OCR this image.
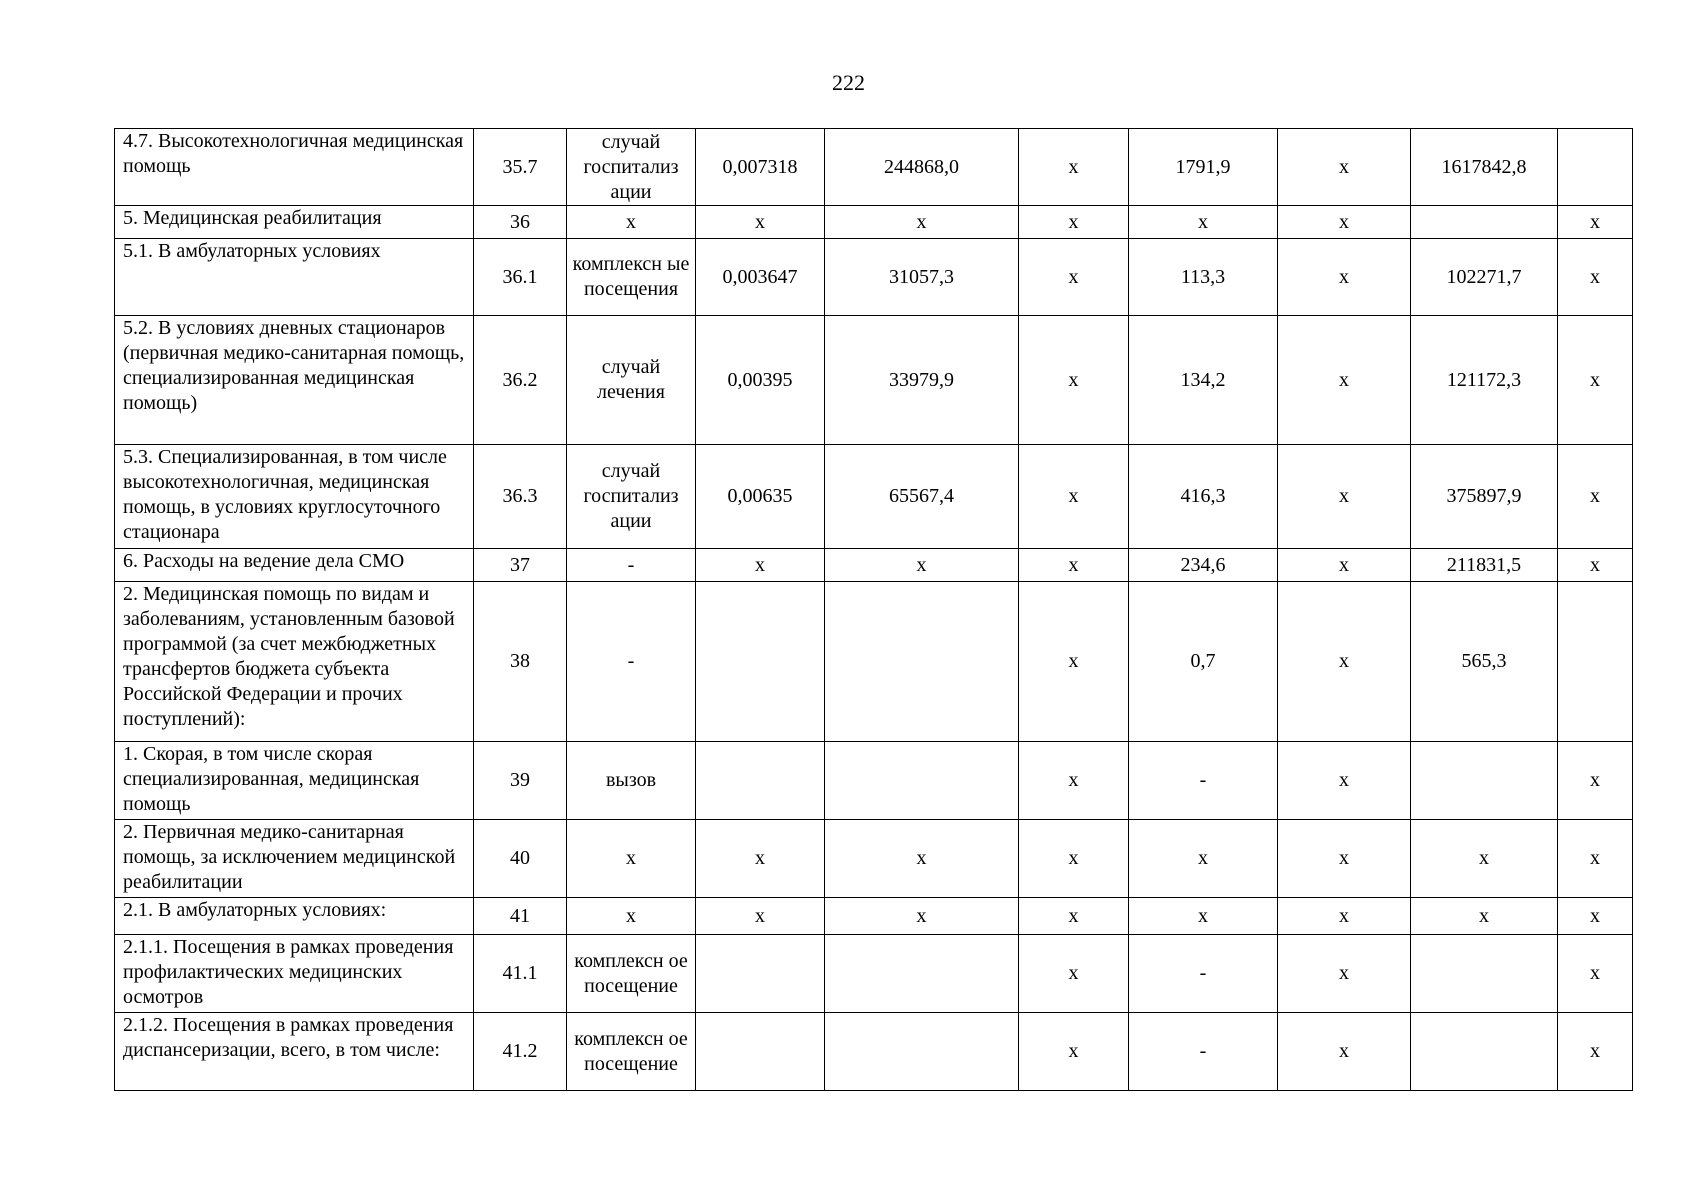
222
4.7. Высокотехнологичная медицинская помощь	35.7	случай госпитализ ации	0,007318	244868,0	х	1791,9	х	1617842,8	
5. Медицинская реабилитация	36	х	х	х	х	х	х		х
5.1. В амбулаторных условиях	36.1	комплексн ые посещения	0,003647	31057,3	х	113,3	х	102271,7	х
5.2. В условиях дневных стационаров (первичная медико-санитарная помощь, специализированная медицинская помощь)	36.2	случай лечения	0,00395	33979,9	х	134,2	х	121172,3	х
5.3. Специализированная, в том числе высокотехнологичная, медицинская помощь, в условиях круглосуточного стационара	36.3	случай госпитализ ации	0,00635	65567,4	х	416,3	х	375897,9	х
6. Расходы на ведение дела СМО	37	-	х	х	х	234,6	х	211831,5	х
2. Медицинская помощь по видам и заболеваниям, установленным базовой программой (за счет межбюджетных трансфертов бюджета субъекта Российской Федерации и прочих поступлений):	38	-			х	0,7	х	565,3	
1. Скорая, в том числе скорая специализированная, медицинская помощь	39	вызов			х	-	х		х
2. Первичная медико-санитарная помощь, за исключением медицинской реабилитации	40	х	х	х	х	х	х	х	х
2.1. В амбулаторных условиях:	41	х	х	х	х	х	х	х	х
2.1.1. Посещения в рамках проведения профилактических медицинских осмотров	41.1	комплексн ое посещение			х	-	х		х
2.1.2. Посещения в рамках проведения диспансеризации, всего, в том числе:	41.2	комплексн ое посещение			х	-	х		х
